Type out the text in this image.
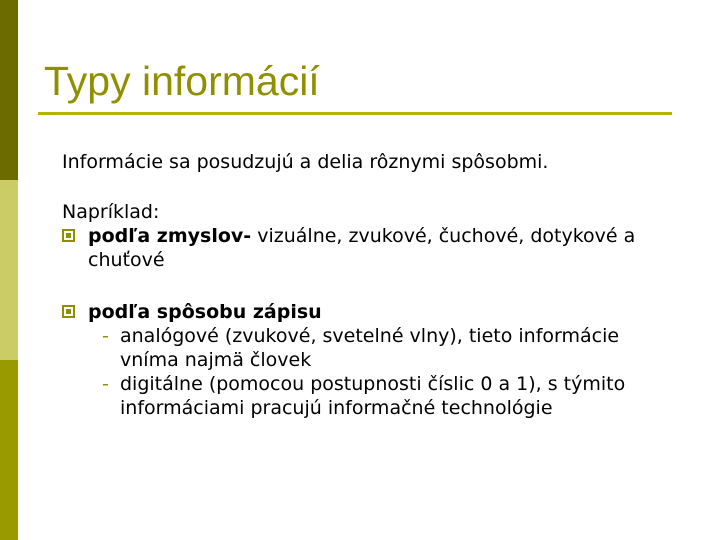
Typy informácií

Informácie sa posudzujú a delia rôznymi spôsobmi.

Napríklad:

podľa zmyslov- vizuálne, zvukové, čuchové, dotykové a chuťové
podľa spôsobu zápisu
- analógové (zvukové, svetelné vlny), tieto informácie vníma najmä človek
- digitálne (pomocou postupnosti číslic 0 a 1), s týmito informáciami pracujú informačné technológie
